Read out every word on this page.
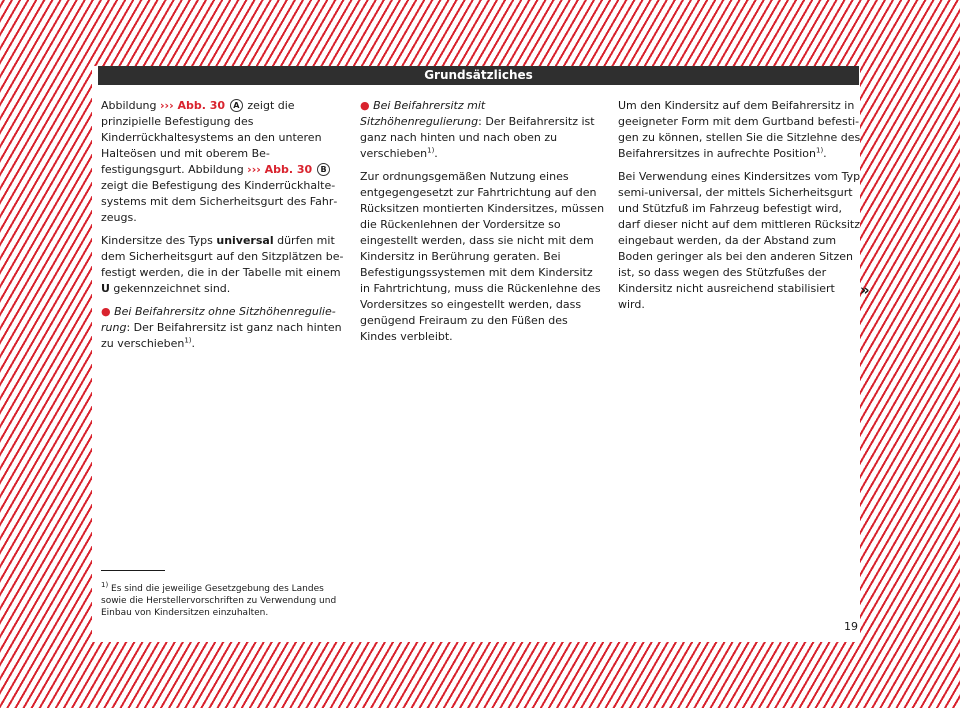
Grundsätzliches

Abbildung ››› Abb. 30 A zeigt die prinzipielle Befestigung des Kinderrückhaltesystems an den unteren Halteösen und mit oberem Befestigungsgurt. Abbildung ››› Abb. 30 B zeigt die Befestigung des Kinderrückhaltesystems mit dem Sicherheitsgurt des Fahrzeugs.

Kindersitze des Typs universal dürfen mit dem Sicherheitsgurt auf den Sitzplätzen befestigt werden, die in der Tabelle mit einem U gekennzeichnet sind.

● Bei Beifahrersitz ohne Sitzhöhenregulierung: Der Beifahrersitz ist ganz nach hinten zu verschieben$^{1)}$.

● Bei Beifahrersitz mit Sitzhöhenregulierung: Der Beifahrersitz ist ganz nach hinten und nach oben zu verschieben$^{1)}$.

Zur ordnungsgemäßen Nutzung eines entgegengesetzt zur Fahrtrichtung auf den Rücksitzen montierten Kindersitzes, müssen die Rückenlehnen der Vordersitze so eingestellt werden, dass sie nicht mit dem Kindersitz in Berührung geraten. Bei Befestigungssystemen mit dem Kindersitz in Fahrtrichtung, muss die Rückenlehne des Vordersitzes so eingestellt werden, dass genügend Freiraum zu den Füßen des Kindes verbleibt.

Um den Kindersitz auf dem Beifahrersitz in geeigneter Form mit dem Gurtband befestigen zu können, stellen Sie die Sitzlehne des Beifahrersitzes in aufrechte Position$^{1)}$.

Bei Verwendung eines Kindersitzes vom Typ semi-universal, der mittels Sicherheitsgurt und Stützfuß im Fahrzeug befestigt wird, darf dieser nicht auf dem mittleren Rücksitz eingebaut werden, da der Abstand zum Boden geringer als bei den anderen Sitzen ist, so dass wegen des Stützfußes der Kindersitz nicht ausreichend stabilisiert wird.

»
$^{1)}$ Es sind die jeweilige Gesetzgebung des Landes sowie die Herstellervorschriften zu Verwendung und Einbau von Kindersitzen einzuhalten.
19
